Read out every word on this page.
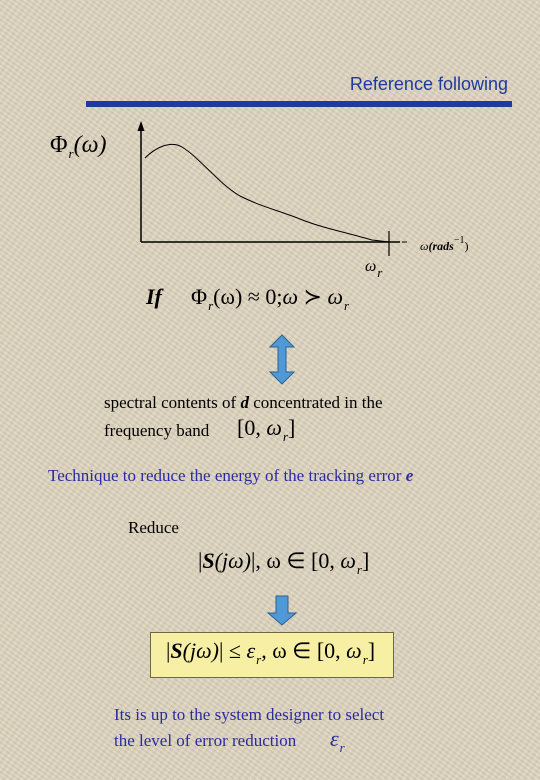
Reference following
$\Phi_r(\omega)$
ω(rads$^{-1}$)
$\omega_r$
If $\Phi_r(\omega)$ ≈ 0;ω ≻ $\omega_r$
spectral contents of d concentrated in the
frequency band [0, $\omega_r$]
Technique to reduce the energy of the tracking error e
Reduce
|S(jω)|, ω ∈ [0, $\omega_r$]
$|S(j\omega)| \le \varepsilon_r$, ω ∈ [0, $\omega_r$]
Its is up to the system designer to select
the level of error reduction $\varepsilon_r$
